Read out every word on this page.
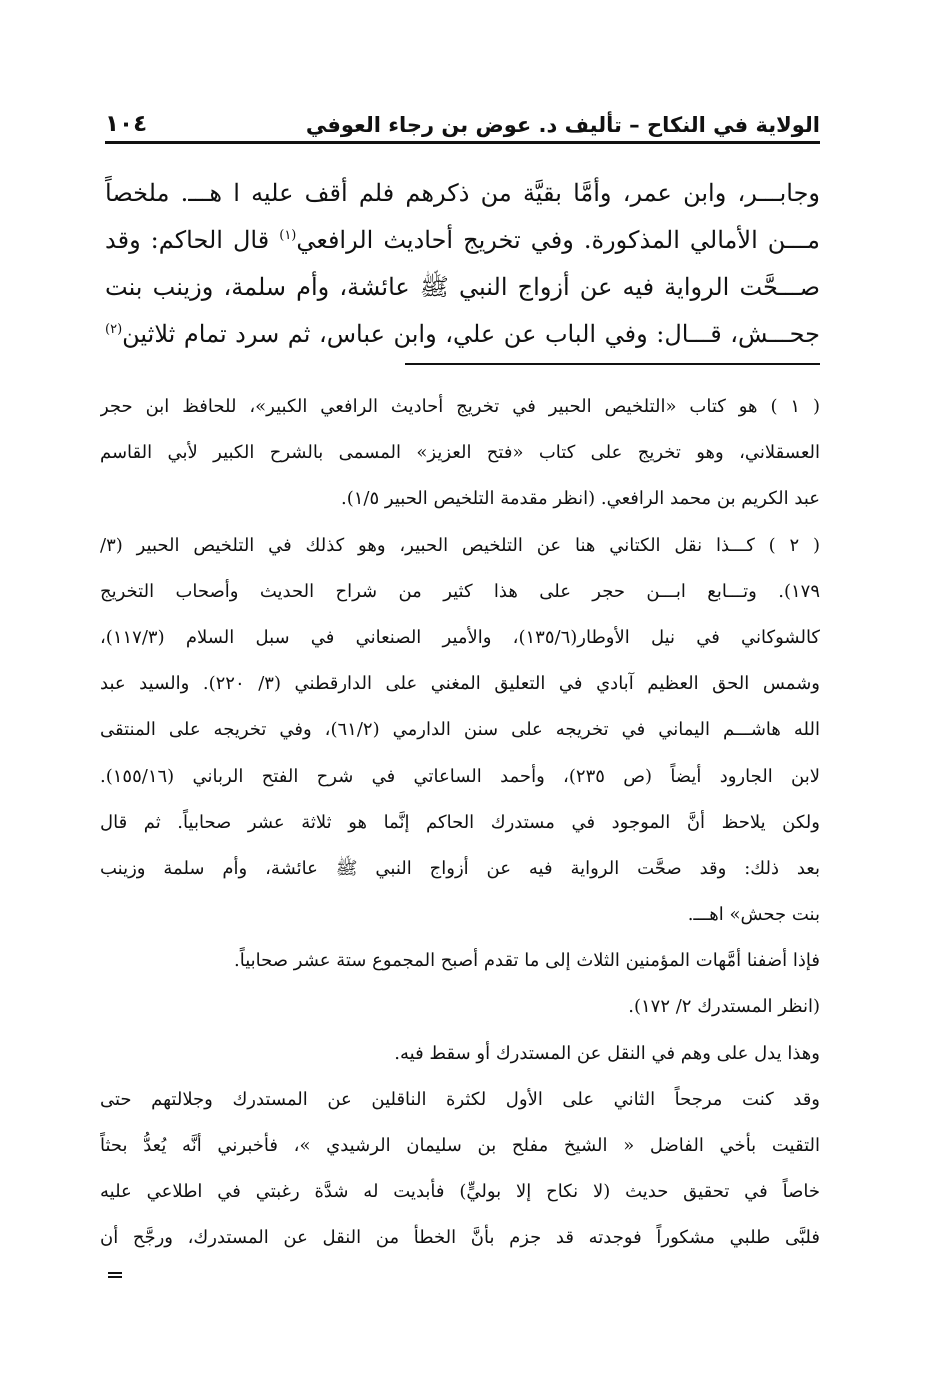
الولاية في النكاح – تأليف د. عوض بن رجاء العوفي
١٠٤
وجابـــر، وابن عمر، وأمَّا بقيَّة من ذكرهم فلم أقف عليه ا هـــ. ملخصاً
مـــن الأمالي المذكورة. وفي تخريج أحاديث الرافعي$^{(١)}$ قال الحاكم: وقد
صـــحَّت الرواية فيه عن أزواج النبي ﷺ عائشة، وأم سلمة، وزينب بنت
جحـــش، قـــال: وفي الباب عن علي، وابن عباس، ثم سرد تمام ثلاثين$^{(٢)}$
( ١ ) هو كتاب «التلخيص الحبير في تخريج أحاديث الرافعي الكبير»، للحافظ ابن حجر
العسقلاني، وهو تخريج على كتاب «فتح العزيز» المسمى بالشرح الكبير لأبي القاسم
عبد الكريم بن محمد الرافعي. (انظر مقدمة التلخيص الحبير ١/٥).
( ٢ ) كـــذا نقل الكتاني هنا عن التلخيص الحبير، وهو كذلك في التلخيص الحبير (٣/
١٧٩). وتـــابع ابـــن حجر على هذا كثير من شراح الحديث وأصحاب التخريج
كالشوكاني في نيل الأوطار(١٣٥/٦)، والأمير الصنعاني في سبل السلام (١١٧/٣)،
وشمس الحق العظيم آبادي في التعليق المغني على الدارقطني (٣/ ٢٢٠). والسيد عبد
الله هاشـــم اليماني في تخريجه على سنن الدارمي (٦١/٢)، وفي تخريجه على المنتقى
لابن الجارود أيضاً (ص ٢٣٥)، وأحمد الساعاتي في شرح الفتح الرباني (١٥٥/١٦).
ولكن يلاحظ أنَّ الموجود في مستدرك الحاكم إنَّما هو ثلاثة عشر صحابياً. ثم قال
بعد ذلك: وقد صحَّت الرواية فيه عن أزواج النبي ﷺ عائشة، وأم سلمة وزينب
بنت جحش» اهـــ.
فإذا أضفنا أمَّهات المؤمنين الثلاث إلى ما تقدم أصبح المجموع ستة عشر صحابياً.
(انظر المستدرك ٢/ ١٧٢).
وهذا يدل على وهم في النقل عن المستدرك أو سقط فيه.
وقد كنت مرجحاً الثاني على الأول لكثرة الناقلين عن المستدرك وجلالتهم حتى
التقيت بأخي الفاضل « الشيخ مفلح بن سليمان الرشيدي »، فأخبرني أنَّه يُعدُّ بحثاً
خاصاً في تحقيق حديث (لا نكاح إلا بوليٍّ) فأبديت له شدَّة رغبتي في اطلاعي عليه
فلبَّى طلبي مشكوراً فوجدته قد جزم بأنَّ الخطأ من النقل عن المستدرك، ورجَّح أن
